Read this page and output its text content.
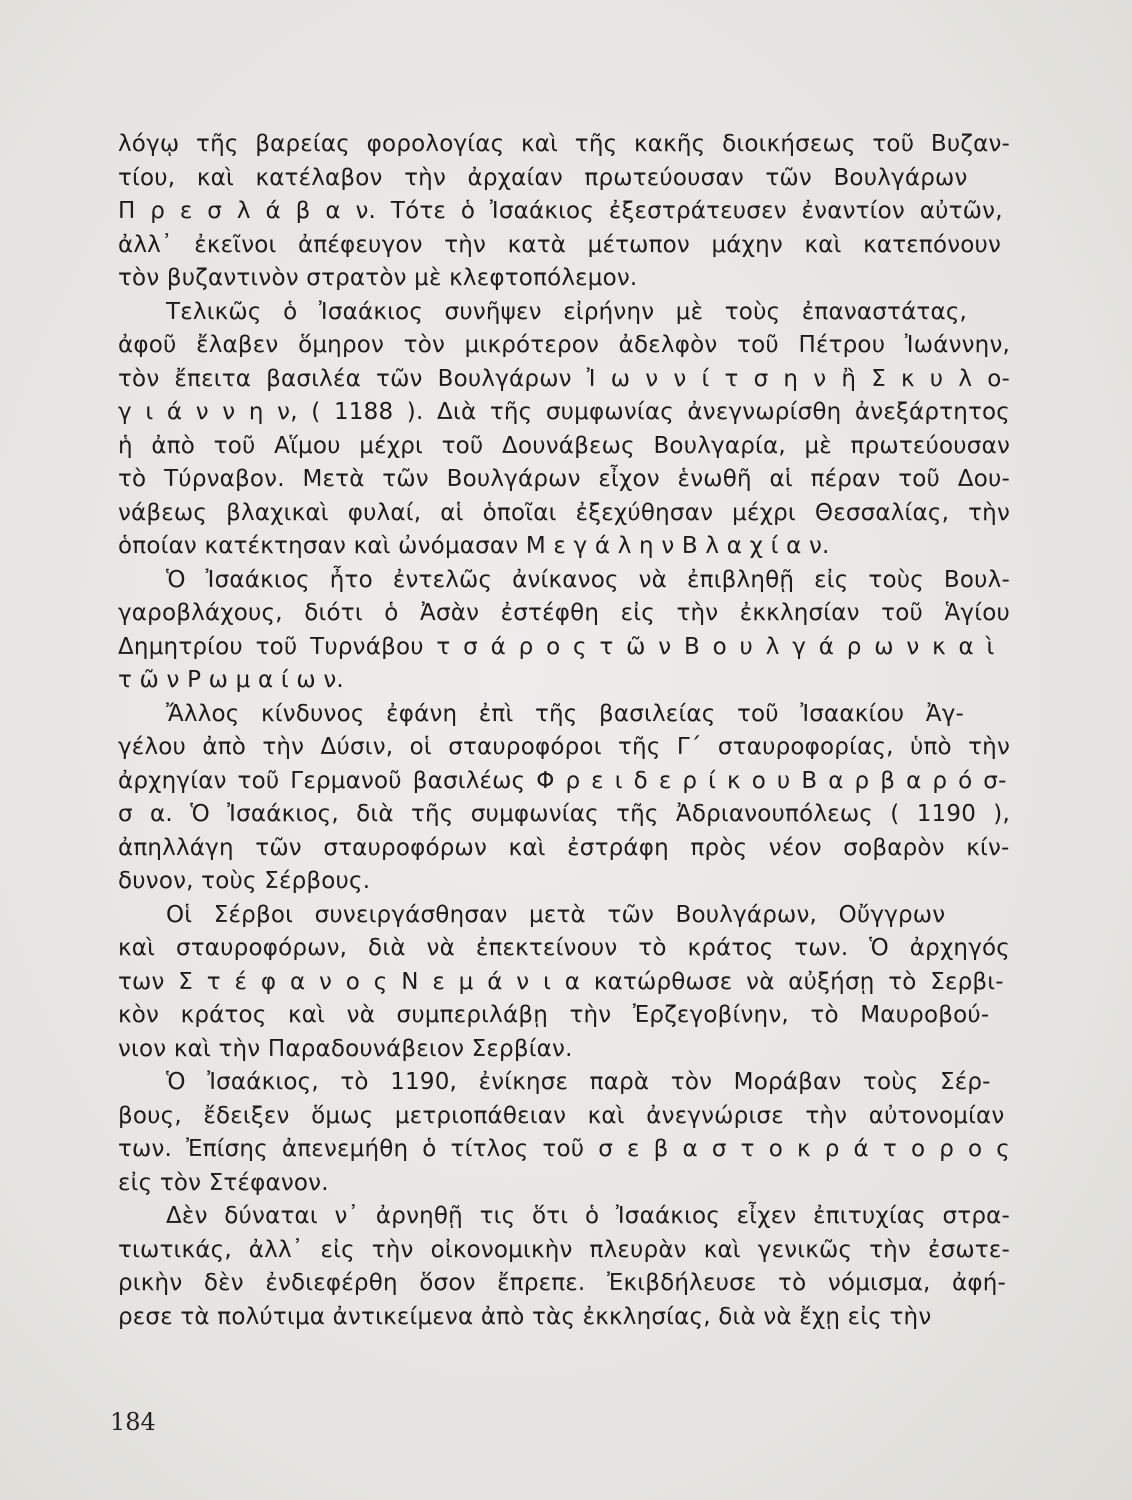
λόγῳ τῆς βαρείας φορολογίας καὶ τῆς κακῆς διοικήσεως τοῦ Βυζαν-
τίου, καὶ κατέλαβον τὴν ἀρχαίαν πρωτεύουσαν τῶν Βουλγάρων
Π ρ ε σ λ ά β α ν. Τότε ὁ Ἰσαάκιος ἐξεστράτευσεν ἐναντίον αὐτῶν,
ἀλλ᾽ ἐκεῖνοι ἀπέφευγον τὴν κατὰ μέτωπον μάχην καὶ κατεπόνουν
τὸν βυζαντινὸν στρατὸν μὲ κλεφτοπόλεμον.
Τελικῶς ὁ Ἰσαάκιος συνῆψεν εἰρήνην μὲ τοὺς ἐπαναστάτας,
ἀφοῦ ἔλαβεν ὅμηρον τὸν μικρότερον ἀδελφὸν τοῦ Πέτρου Ἰωάννην,
τὸν ἔπειτα βασιλέα τῶν Βουλγάρων Ἰ ω ν ν ί τ σ η ν ἢ Σ κ υ λ ο-
γ ι ά ν ν η ν, ( 1188 ). Διὰ τῆς συμφωνίας ἀνεγνωρίσθη ἀνεξάρτητος
ἡ ἀπὸ τοῦ Αἵμου μέχρι τοῦ Δουνάβεως Βουλγαρία, μὲ πρωτεύουσαν
τὸ Τύρναβον. Μετὰ τῶν Βουλγάρων εἶχον ἑνωθῆ αἱ πέραν τοῦ Δου-
νάβεως βλαχικαὶ φυλαί, αἱ ὁποῖαι ἐξεχύθησαν μέχρι Θεσσαλίας, τὴν
ὁποίαν κατέκτησαν καὶ ὠνόμασαν Μ ε γ ά λ η ν Β λ α χ ί α ν.
Ὁ Ἰσαάκιος ἦτο ἐντελῶς ἀνίκανος νὰ ἐπιβληθῇ εἰς τοὺς Βουλ-
γαροβλάχους, διότι ὁ Ἀσὰν ἐστέφθη εἰς τὴν ἐκκλησίαν τοῦ Ἁγίου
Δημητρίου τοῦ Τυρνάβου τ σ ά ρ ο ς τ ῶ ν Β ο υ λ γ ά ρ ω ν κ α ὶ
τ ῶ ν Ρ ω μ α ί ω ν.
Ἄλλος κίνδυνος ἐφάνη ἐπὶ τῆς βασιλείας τοῦ Ἰσαακίου Ἀγ-
γέλου ἀπὸ τὴν Δύσιν, οἱ σταυροφόροι τῆς Γ´ σταυροφορίας, ὑπὸ τὴν
ἀρχηγίαν τοῦ Γερμανοῦ βασιλέως Φ ρ ε ι δ ε ρ ί κ ο υ Β α ρ β α ρ ό σ-
σ α. Ὁ Ἰσαάκιος, διὰ τῆς συμφωνίας τῆς Ἀδριανουπόλεως ( 1190 ),
ἀπηλλάγη τῶν σταυροφόρων καὶ ἐστράφη πρὸς νέον σοβαρὸν κίν-
δυνον, τοὺς Σέρβους.
Οἱ Σέρβοι συνειργάσθησαν μετὰ τῶν Βουλγάρων, Οὔγγρων
καὶ σταυροφόρων, διὰ νὰ ἐπεκτείνουν τὸ κράτος των. Ὁ ἀρχηγός
των Σ τ έ φ α ν ο ς Ν ε μ ά ν ι α κατώρθωσε νὰ αὐξήσῃ τὸ Σερβι-
κὸν κράτος καὶ νὰ συμπεριλάβῃ τὴν Ἐρζεγοβίνην, τὸ Μαυροβού-
νιον καὶ τὴν Παραδουνάβειον Σερβίαν.
Ὁ Ἰσαάκιος, τὸ 1190, ἐνίκησε παρὰ τὸν Μοράβαν τοὺς Σέρ-
βους, ἔδειξεν ὅμως μετριοπάθειαν καὶ ἀνεγνώρισε τὴν αὐτονομίαν
των. Ἐπίσης ἀπενεμήθη ὁ τίτλος τοῦ σ ε β α σ τ ο κ ρ ά τ ο ρ ο ς
εἰς τὸν Στέφανον.
Δὲν δύναται ν᾽ ἀρνηθῇ τις ὅτι ὁ Ἰσαάκιος εἶχεν ἐπιτυχίας στρα-
τιωτικάς, ἀλλ᾽ εἰς τὴν οἰκονομικὴν πλευρὰν καὶ γενικῶς τὴν ἐσωτε-
ρικὴν δὲν ἐνδιεφέρθη ὅσον ἔπρεπε. Ἐκιβδήλευσε τὸ νόμισμα, ἀφή-
ρεσε τὰ πολύτιμα ἀντικείμενα ἀπὸ τὰς ἐκκλησίας, διὰ νὰ ἔχῃ εἰς τὴν
184
